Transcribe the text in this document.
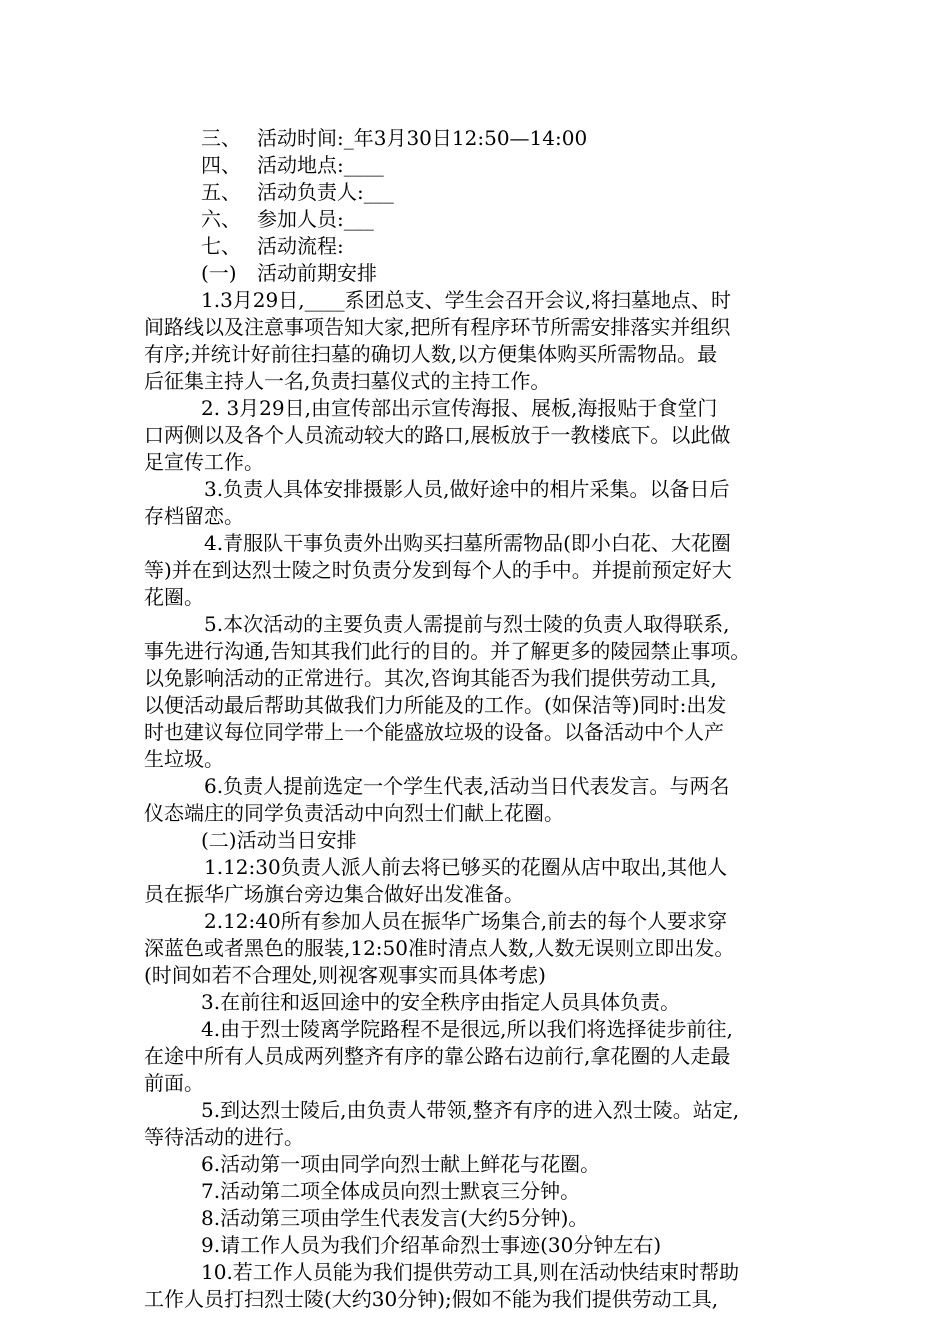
三、 活动时间:_年3月30日12:50—14:00
四、 活动地点:____
五、 活动负责人:___
六、 参加人员:___
七、 活动流程:
(一) 活动前期安排
1.3月29日,____系团总支、学生会召开会议,将扫墓地点、时
间路线以及注意事项告知大家,把所有程序环节所需安排落实并组织
有序;并统计好前往扫墓的确切人数,以方便集体购买所需物品。最
后征集主持人一名,负责扫墓仪式的主持工作。
2. 3月29日,由宣传部出示宣传海报、展板,海报贴于食堂门
口两侧以及各个人员流动较大的路口,展板放于一教楼底下。以此做
足宣传工作。
3.负责人具体安排摄影人员,做好途中的相片采集。以备日后
存档留恋。
4.青服队干事负责外出购买扫墓所需物品(即小白花、大花圈
等)并在到达烈士陵之时负责分发到每个人的手中。并提前预定好大
花圈。
5.本次活动的主要负责人需提前与烈士陵的负责人取得联系,
事先进行沟通,告知其我们此行的目的。并了解更多的陵园禁止事项。
以免影响活动的正常进行。其次,咨询其能否为我们提供劳动工具,
以便活动最后帮助其做我们力所能及的工作。(如保洁等)同时:出发
时也建议每位同学带上一个能盛放垃圾的设备。以备活动中个人产
生垃圾。
6.负责人提前选定一个学生代表,活动当日代表发言。与两名
仪态端庄的同学负责活动中向烈士们献上花圈。
(二)活动当日安排
1.12:30负责人派人前去将已够买的花圈从店中取出,其他人
员在振华广场旗台旁边集合做好出发准备。
2.12:40所有参加人员在振华广场集合,前去的每个人要求穿
深蓝色或者黑色的服装,12:50准时清点人数,人数无误则立即出发。
(时间如若不合理处,则视客观事实而具体考虑)
3.在前往和返回途中的安全秩序由指定人员具体负责。
4.由于烈士陵离学院路程不是很远,所以我们将选择徒步前往,
在途中所有人员成两列整齐有序的靠公路右边前行,拿花圈的人走最
前面。
5.到达烈士陵后,由负责人带领,整齐有序的进入烈士陵。站定,
等待活动的进行。
6.活动第一项由同学向烈士献上鲜花与花圈。
7.活动第二项全体成员向烈士默哀三分钟。
8.活动第三项由学生代表发言(大约5分钟)。
9.请工作人员为我们介绍革命烈士事迹(30分钟左右)
10.若工作人员能为我们提供劳动工具,则在活动快结束时帮助
工作人员打扫烈士陵(大约30分钟);假如不能为我们提供劳动工具,
